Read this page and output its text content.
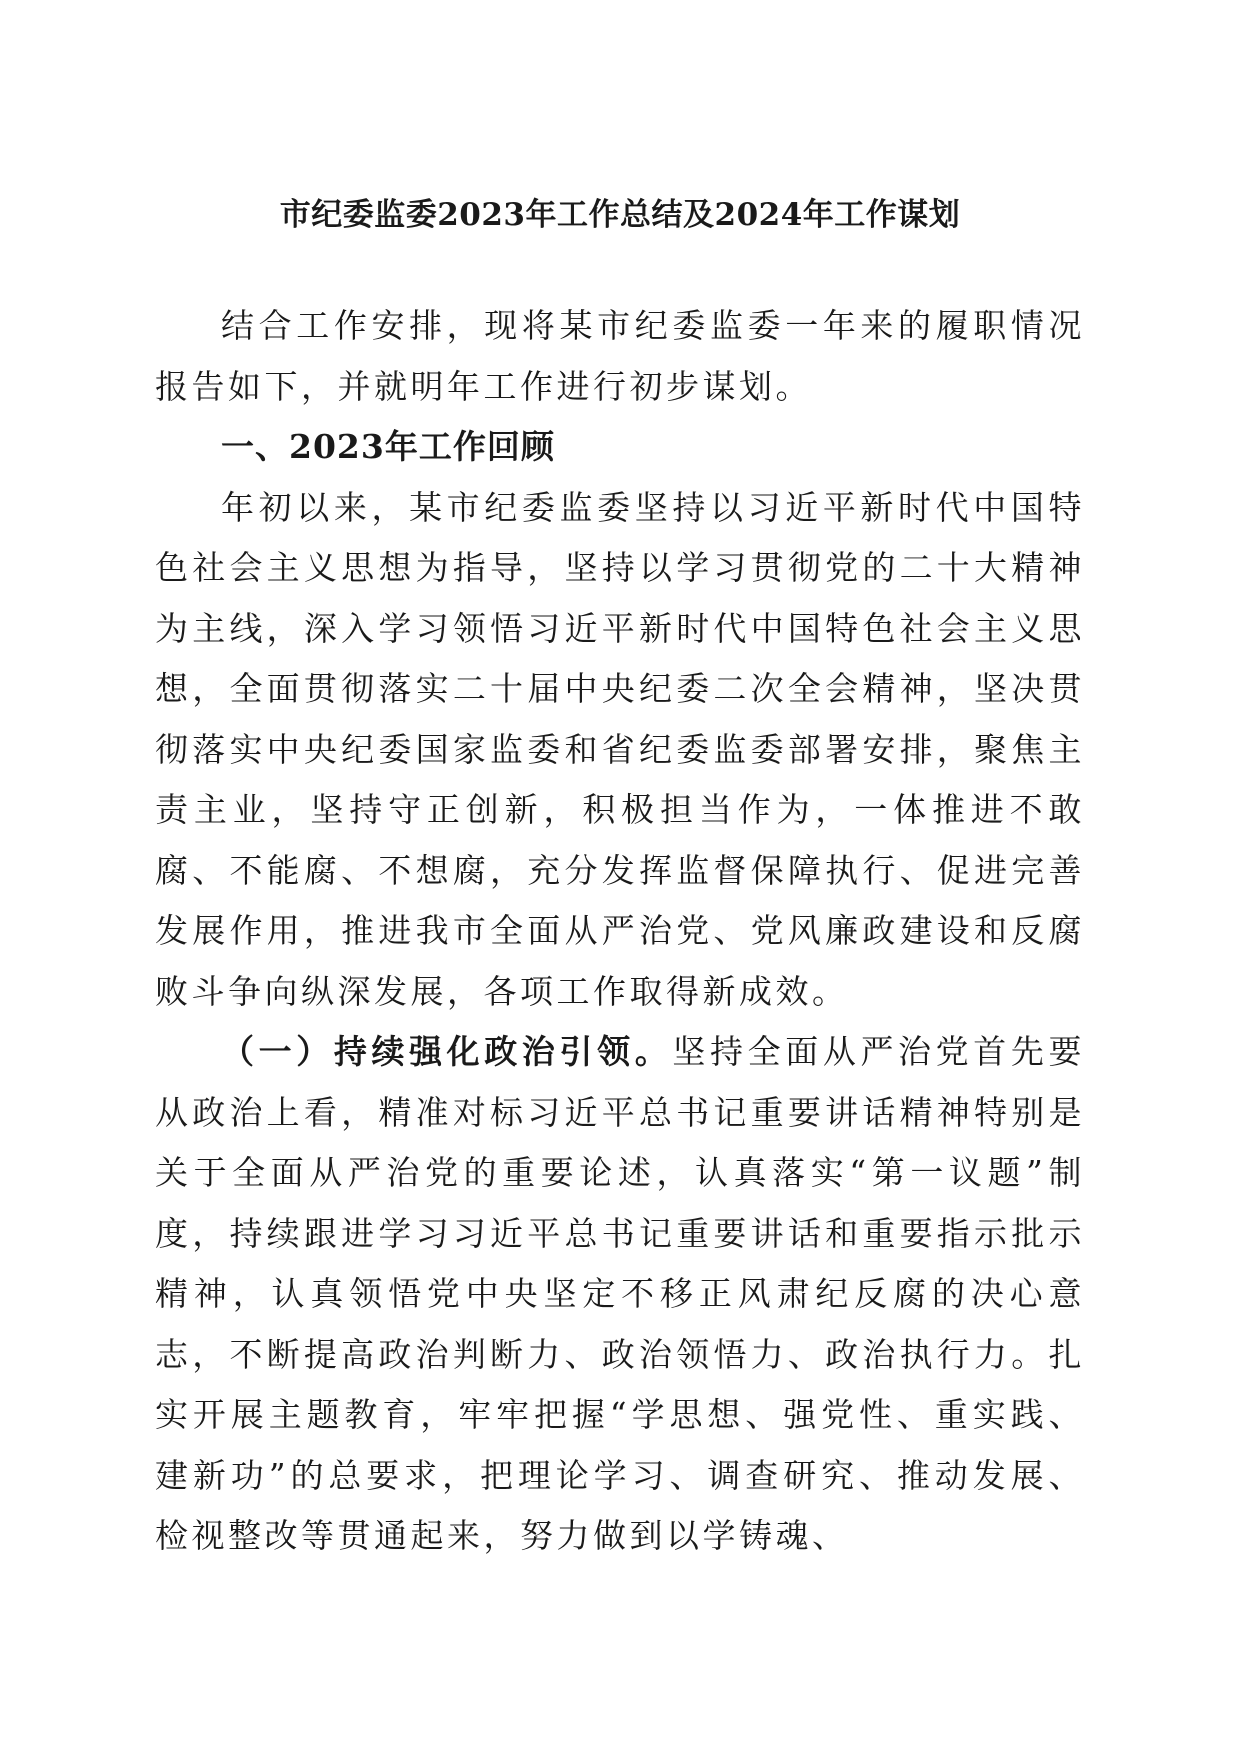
市纪委监委2023年工作总结及2024年工作谋划

结合工作安排，现将某市纪委监委一年来的履职情况报告如下，并就明年工作进行初步谋划。

一、2023年工作回顾

年初以来，某市纪委监委坚持以习近平新时代中国特色社会主义思想为指导，坚持以学习贯彻党的二十大精神为主线，深入学习领悟习近平新时代中国特色社会主义思想，全面贯彻落实二十届中央纪委二次全会精神，坚决贯彻落实中央纪委国家监委和省纪委监委部署安排，聚焦主责主业，坚持守正创新，积极担当作为，一体推进不敢腐、不能腐、不想腐，充分发挥监督保障执行、促进完善发展作用，推进我市全面从严治党、党风廉政建设和反腐败斗争向纵深发展，各项工作取得新成效。

（一）持续强化政治引领。坚持全面从严治党首先要从政治上看，精准对标习近平总书记重要讲话精神特别是关于全面从严治党的重要论述，认真落实“第一议题”制度，持续跟进学习习近平总书记重要讲话和重要指示批示精神，认真领悟党中央坚定不移正风肃纪反腐的决心意志，不断提高政治判断力、政治领悟力、政治执行力。扎实开展主题教育，牢牢把握“学思想、强党性、重实践、建新功”的总要求，把理论学习、调查研究、推动发展、检视整改等贯通起来，努力做到以学铸魂、
